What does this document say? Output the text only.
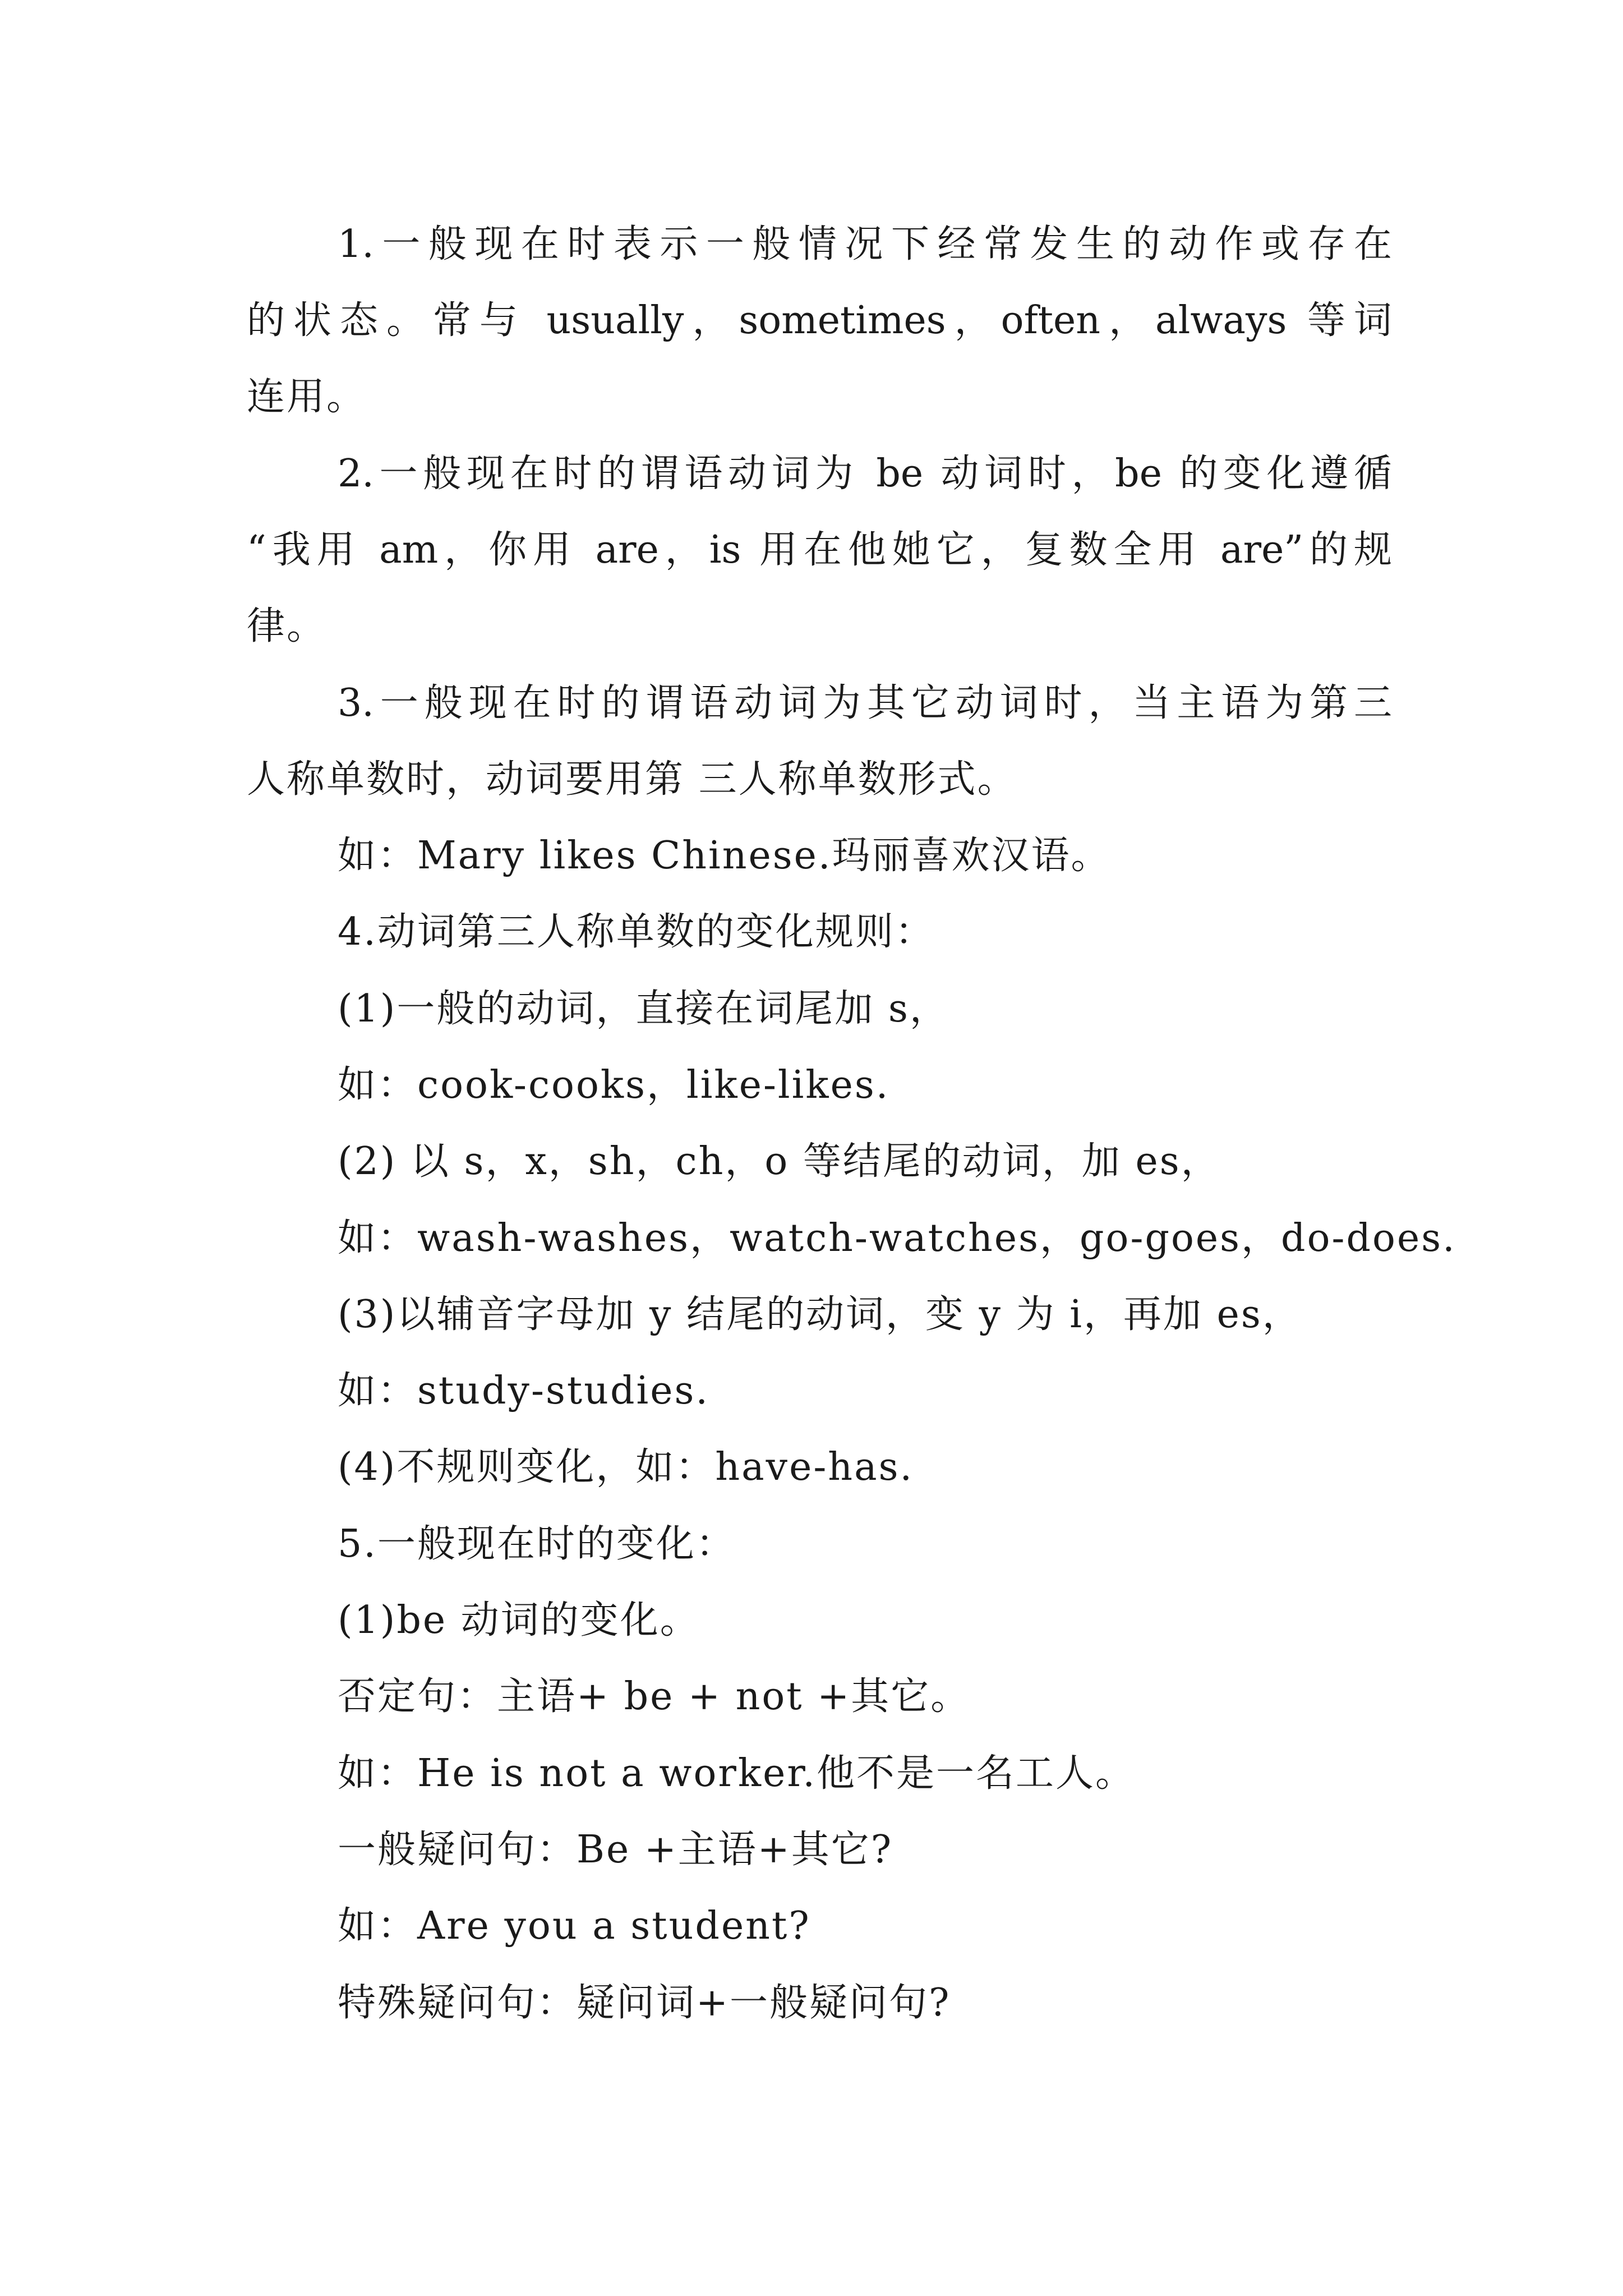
1.一般现在时表示一般情况下经常发生的动作或存在

的状态。常与 usually，sometimes，often，always 等词

连用。

2.一般现在时的谓语动词为 be 动词时，be 的变化遵循

“我用 am，你用 are，is 用在他她它，复数全用 are”的规

律。

3.一般现在时的谓语动词为其它动词时，当主语为第三

人称单数时，动词要用第 三人称单数形式。

如：Mary likes Chinese.玛丽喜欢汉语。

4.动词第三人称单数的变化规则：

(1)一般的动词，直接在词尾加 s，

如：cook-cooks，like-likes.

(2) 以 s，x，sh，ch，o 等结尾的动词，加 es，

如：wash-washes，watch-watches，go-goes，do-does.

(3)以辅音字母加 y 结尾的动词，变 y 为 i，再加 es，

如：study-studies.

(4)不规则变化，如：have-has.

5.一般现在时的变化：

(1)be 动词的变化。

否定句：主语+ be + not +其它。

如：He is not a worker.他不是一名工人。

一般疑问句：Be +主语+其它?

如：Are you a student?

特殊疑问句：疑问词+一般疑问句?
